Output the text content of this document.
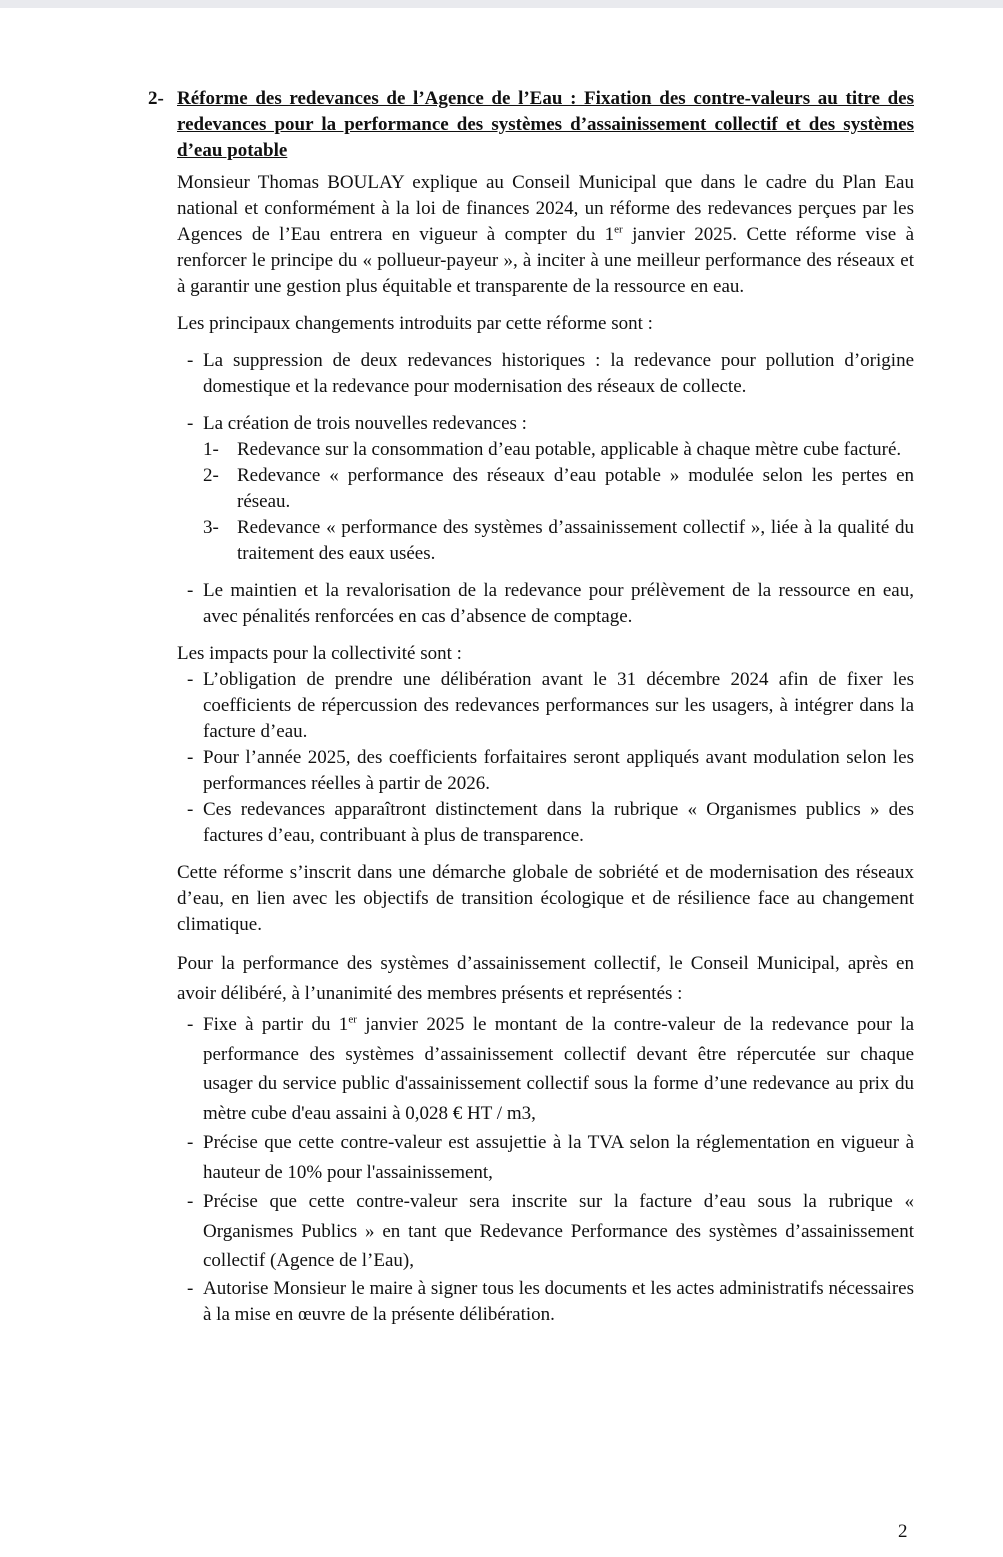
2- Réforme des redevances de l’Agence de l’Eau : Fixation des contre-valeurs au titre des redevances pour la performance des systèmes d’assainissement collectif et des systèmes d’eau potable

Monsieur Thomas BOULAY explique au Conseil Municipal que dans le cadre du Plan Eau national et conformément à la loi de finances 2024, un réforme des redevances perçues par les Agences de l’Eau entrera en vigueur à compter du 1er janvier 2025. Cette réforme vise à renforcer le principe du « pollueur-payeur », à inciter à une meilleur performance des réseaux et à garantir une gestion plus équitable et transparente de la ressource en eau.

Les principaux changements introduits par cette réforme sont :

- La suppression de deux redevances historiques : la redevance pour pollution d’origine domestique et la redevance pour modernisation des réseaux de collecte.
- La création de trois nouvelles redevances :
1- Redevance sur la consommation d’eau potable, applicable à chaque mètre cube facturé.
2- Redevance « performance des réseaux d’eau potable » modulée selon les pertes en réseau.
3- Redevance « performance des systèmes d’assainissement collectif », liée à la qualité du traitement des eaux usées.
- Le maintien et la revalorisation de la redevance pour prélèvement de la ressource en eau, avec pénalités renforcées en cas d’absence de comptage.

Les impacts pour la collectivité sont :

- L’obligation de prendre une délibération avant le 31 décembre 2024 afin de fixer les coefficients de répercussion des redevances performances sur les usagers, à intégrer dans la facture d’eau.
- Pour l’année 2025, des coefficients forfaitaires seront appliqués avant modulation selon les performances réelles à partir de 2026.
- Ces redevances apparaîtront distinctement dans la rubrique « Organismes publics » des factures d’eau, contribuant à plus de transparence.

Cette réforme s’inscrit dans une démarche globale de sobriété et de modernisation des réseaux d’eau, en lien avec les objectifs de transition écologique et de résilience face au changement climatique.

Pour la performance des systèmes d’assainissement collectif, le Conseil Municipal, après en avoir délibéré, à l’unanimité des membres présents et représentés :

- Fixe à partir du 1er janvier 2025 le montant de la contre-valeur de la redevance pour la performance des systèmes d’assainissement collectif devant être répercutée sur chaque usager du service public d'assainissement collectif sous la forme d’une redevance au prix du mètre cube d'eau assaini à 0,028 € HT / m3,
- Précise que cette contre-valeur est assujettie à la TVA selon la réglementation en vigueur à hauteur de 10% pour l'assainissement,
- Précise que cette contre-valeur sera inscrite sur la facture d’eau sous la rubrique « Organismes Publics » en tant que Redevance Performance des systèmes d’assainissement collectif (Agence de l’Eau),
- Autorise Monsieur le maire à signer tous les documents et les actes administratifs nécessaires à la mise en œuvre de la présente délibération.
2
